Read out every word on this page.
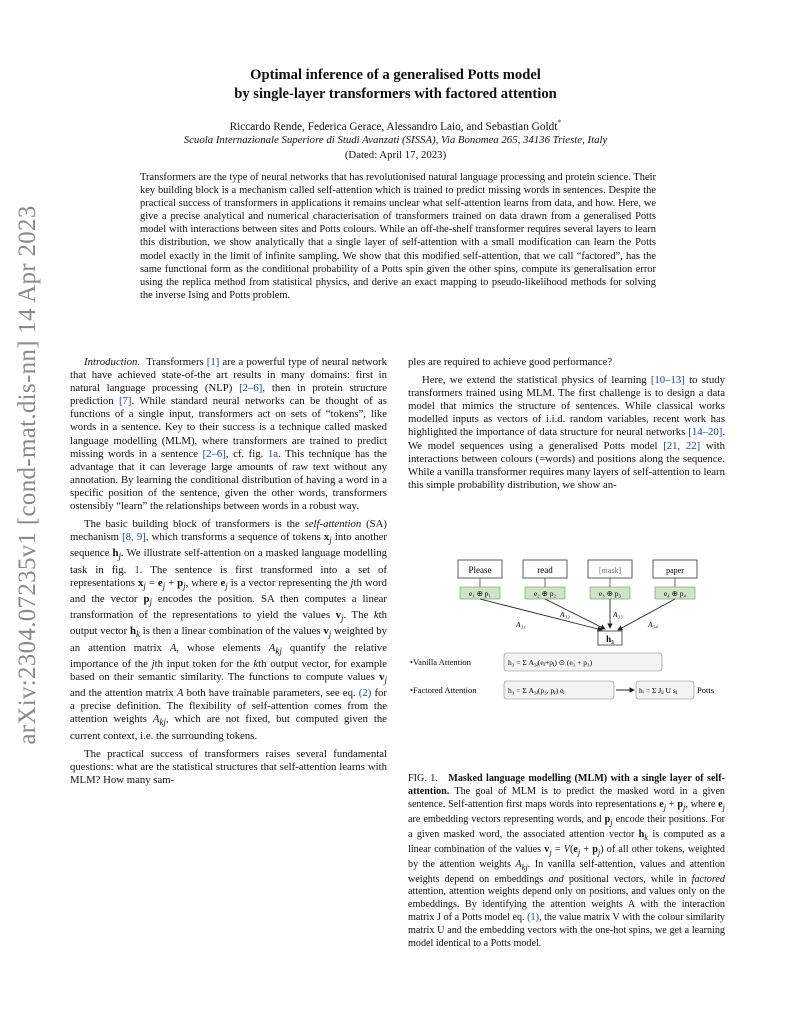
arXiv:2304.07235v1 [cond-mat.dis-nn] 14 Apr 2023
Optimal inference of a generalised Potts model
by single-layer transformers with factored attention
Riccardo Rende, Federica Gerace, Alessandro Laio, and Sebastian Goldt*
Scuola Internazionale Superiore di Studi Avanzati (SISSA), Via Bonomea 265, 34136 Trieste, Italy
(Dated: April 17, 2023)
Transformers are the type of neural networks that has revolutionised natural language processing and protein science. Their key building block is a mechanism called self-attention which is trained to predict missing words in sentences. Despite the practical success of transformers in applications it remains unclear what self-attention learns from data, and how. Here, we give a precise analytical and numerical characterisation of transformers trained on data drawn from a generalised Potts model with interactions between sites and Potts colours. While an off-the-shelf transformer requires several layers to learn this distribution, we show analytically that a single layer of self-attention with a small modification can learn the Potts model exactly in the limit of infinite sampling. We show that this modified self-attention, that we call “factored”, has the same functional form as the conditional probability of a Potts spin given the other spins, compute its generalisation error using the replica method from statistical physics, and derive an exact mapping to pseudo-likelihood methods for solving the inverse Ising and Potts problem.

Introduction. Transformers [1] are a powerful type of neural network that have achieved state-of-the art results in many domains: first in natural language processing (NLP) [2–6], then in protein structure prediction [7]. While standard neural networks can be thought of as functions of a single input, transformers act on sets of “tokens”, like words in a sentence. Key to their success is a technique called masked language modelling (MLM), where transformers are trained to predict missing words in a sentence [2–6], cf. fig. 1a. This technique has the advantage that it can leverage large amounts of raw text without any annotation. By learning the conditional distribution of having a word in a specific position of the sentence, given the other words, transformers ostensibly “learn” the relationships between words in a robust way.

The basic building block of transformers is the self-attention (SA) mechanism [8, 9], which transforms a sequence of tokens $x_j$ into another sequence $h_j$. We illustrate self-attention on a masked language modelling task in fig. 1. The sentence is first transformed into a set of representations $x_j = e_j + p_j$, where $e_j$ is a vector representing the jth word and the vector $p_j$ encodes the position. SA then computes a linear transformation of the representations to yield the values $v_j$. The kth output vector $h_k$ is then a linear combination of the values $v_j$ weighted by an attention matrix A, whose elements $A_{kj}$ quantify the relative importance of the jth input token for the kth output vector, for example based on their semantic similarity. The functions to compute values $v_j$ and the attention matrix A both have trainable parameters, see eq. (2) for a precise definition. The flexibility of self-attention comes from the attention weights $A_{kj}$, which are not fixed, but computed given the current context, i.e. the surrounding tokens.

The practical success of transformers raises several fundamental questions: what are the statistical structures that self-attention learns with MLM? How many sam-

ples are required to achieve good performance?

Here, we extend the statistical physics of learning [10–13] to study transformers trained using MLM. The first challenge is to design a data model that mimics the structure of sentences. While classical works modelled inputs as vectors of i.i.d. random variables, recent work has highlighted the importance of data structure for neural networks [14–20]. We model sequences using a generalised Potts model [21, 22] with interactions between colours (=words) and positions along the sequence. While a vanilla transformer requires many layers of self-attention to learn this simple probability distribution, we show an-

Please	read	[mask]	paper
e₁ ⊕ p₁	e₂ ⊕ p₂	e₃ ⊕ p₃	e₄ ⊕ p₄
A₃₁
A₃₂	A₃₃
A₃₄
h₃
•Vanilla Attention	h₃ = Σ A₃ⱼ(eⱼ+pⱼ) ⊙ (e₃ + p₃)
•Factored Attention	h₃ = Σ A₃ⱼ(p₃, pⱼ) eⱼ	hᵢ = Σ Jᵢⱼ U sⱼ Potts
FIG. 1. Masked language modelling (MLM) with a single layer of self-attention. The goal of MLM is to predict the masked word in a given sentence. Self-attention first maps words into representations $e_j + p_j$, where $e_j$ are embedding vectors representing words, and $p_j$ encode their positions. For a given masked word, the associated attention vector $h_k$ is computed as a linear combination of the values $v_j = V(e_j + p_j)$ of all other tokens, weighted by the attention weights $A_{kj}$. In vanilla self-attention, values and attention weights depend on embeddings and positional vectors, while in factored attention, attention weights depend only on positions, and values only on the embeddings. By identifying the attention weights A with the interaction matrix J of a Potts model eq. (1), the value matrix V with the colour similarity matrix U and the embedding vectors with the one-hot spins, we get a learning model identical to a Potts model.
